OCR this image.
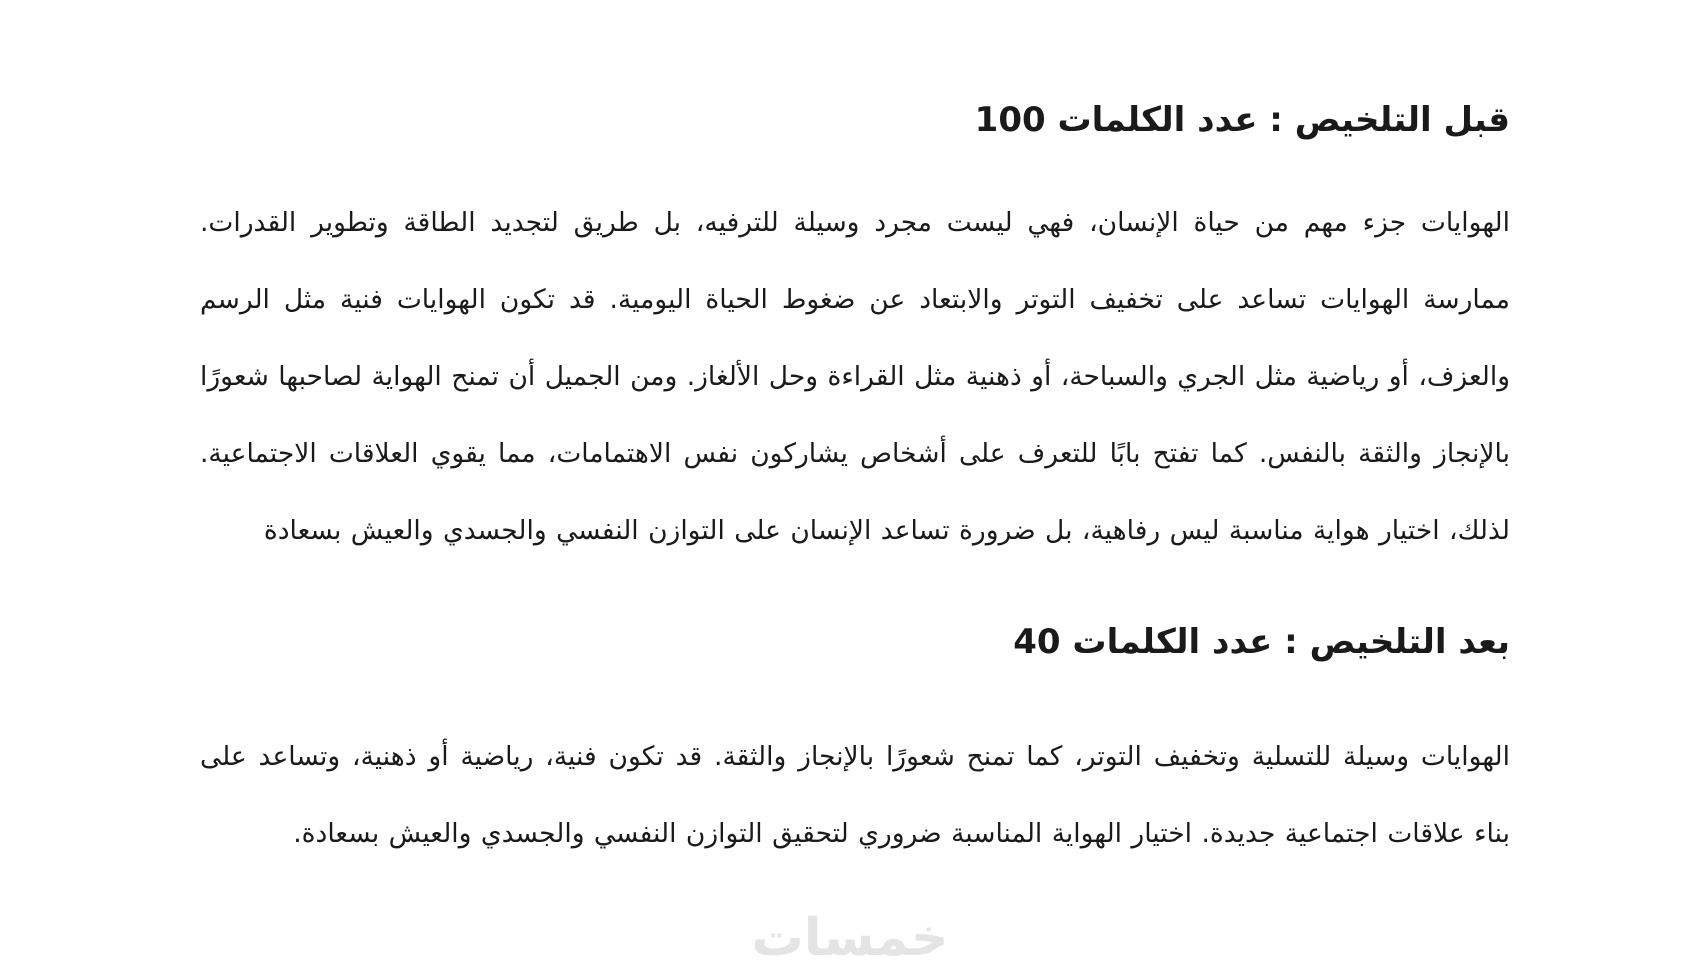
قبل التلخيص : عدد الكلمات 100

الهوايات جزء مهم من حياة الإنسان، فهي ليست مجرد وسيلة للترفيه، بل طريق لتجديد الطاقة وتطوير القدرات. ممارسة الهوايات تساعد على تخفيف التوتر والابتعاد عن ضغوط الحياة اليومية. قد تكون الهوايات فنية مثل الرسم والعزف، أو رياضية مثل الجري والسباحة، أو ذهنية مثل القراءة وحل الألغاز. ومن الجميل أن تمنح الهواية لصاحبها شعورًا بالإنجاز والثقة بالنفس. كما تفتح بابًا للتعرف على أشخاص يشاركون نفس الاهتمامات، مما يقوي العلاقات الاجتماعية. لذلك، اختيار هواية مناسبة ليس رفاهية، بل ضرورة تساعد الإنسان على التوازن النفسي والجسدي والعيش بسعادة

بعد التلخيص : عدد الكلمات 40

الهوايات وسيلة للتسلية وتخفيف التوتر، كما تمنح شعورًا بالإنجاز والثقة. قد تكون فنية، رياضية أو ذهنية، وتساعد على بناء علاقات اجتماعية جديدة. اختيار الهواية المناسبة ضروري لتحقيق التوازن النفسي والجسدي والعيش بسعادة.

خمسات
